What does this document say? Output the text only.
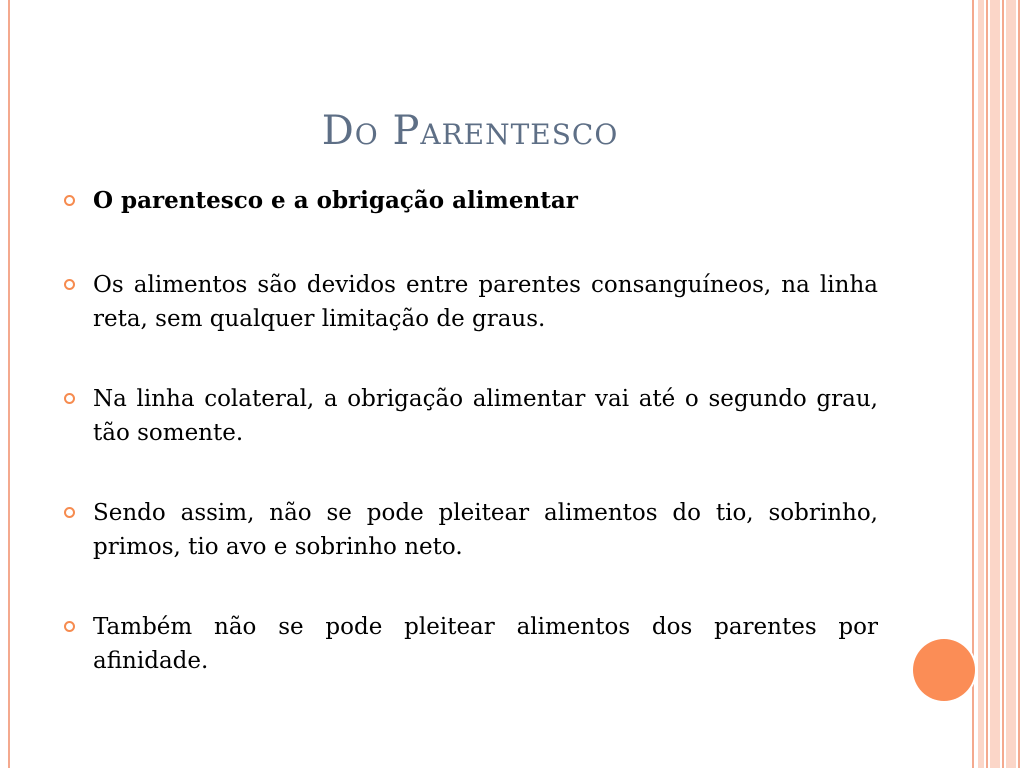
Do Parentesco
O parentesco e a obrigação alimentar
Os alimentos são devidos entre parentes consanguíneos, na linha reta, sem qualquer limitação de graus.
Na linha colateral, a obrigação alimentar vai até o segundo grau, tão somente.
Sendo assim, não se pode pleitear alimentos do tio, sobrinho, primos, tio avo e sobrinho neto.
Também não se pode pleitear alimentos dos parentes por afinidade.
